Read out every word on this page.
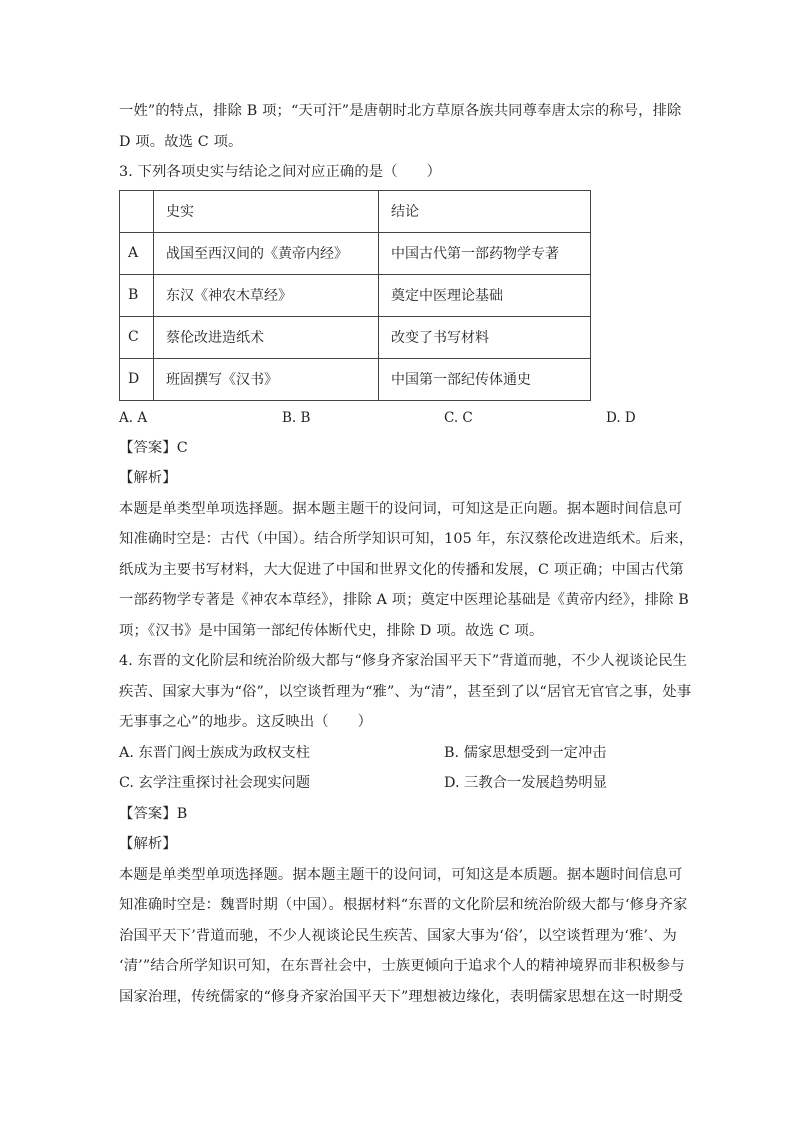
一姓”的特点，排除 B 项；“天可汗”是唐朝时北方草原各族共同尊奉唐太宗的称号，排除
D 项。故选 C 项。
3. 下列各项史实与结论之间对应正确的是（　　）
	史实	结论
A	战国至西汉间的《黄帝内经》	中国古代第一部药物学专著
B	东汉《神农木草经》	奠定中医理论基础
C	蔡伦改进造纸术	改变了书写材料
D	班固撰写《汉书》	中国第一部纪传体通史
A. A	B. B	C. C	D. D
【答案】C
【解析】
本题是单类型单项选择题。据本题主题干的设问词，可知这是正向题。据本题时间信息可
知准确时空是：古代（中国）。结合所学知识可知，105 年，东汉蔡伦改进造纸术。后来，
纸成为主要书写材料，大大促进了中国和世界文化的传播和发展，C 项正确；中国古代第
一部药物学专著是《神农本草经》，排除 A 项；奠定中医理论基础是《黄帝内经》，排除 B
项；《汉书》是中国第一部纪传体断代史，排除 D 项。故选 C 项。
4. 东晋的文化阶层和统治阶级大都与“修身齐家治国平天下”背道而驰，不少人视谈论民生
疾苦、国家大事为“俗”，以空谈哲理为“雅”、为“清”，甚至到了以“居官无官官之事，处事
无事事之心”的地步。这反映出（　　）
A. 东晋门阀士族成为政权支柱	B. 儒家思想受到一定冲击
C. 玄学注重探讨社会现实问题	D. 三教合一发展趋势明显
【答案】B
【解析】
本题是单类型单项选择题。据本题主题干的设问词，可知这是本质题。据本题时间信息可
知准确时空是：魏晋时期（中国）。根据材料“东晋的文化阶层和统治阶级大都与‘修身齐家
治国平天下’背道而驰，不少人视谈论民生疾苦、国家大事为‘俗’，以空谈哲理为‘雅’、为
‘清’”结合所学知识可知，在东晋社会中，士族更倾向于追求个人的精神境界而非积极参与
国家治理，传统儒家的“修身齐家治国平天下”理想被边缘化，表明儒家思想在这一时期受
